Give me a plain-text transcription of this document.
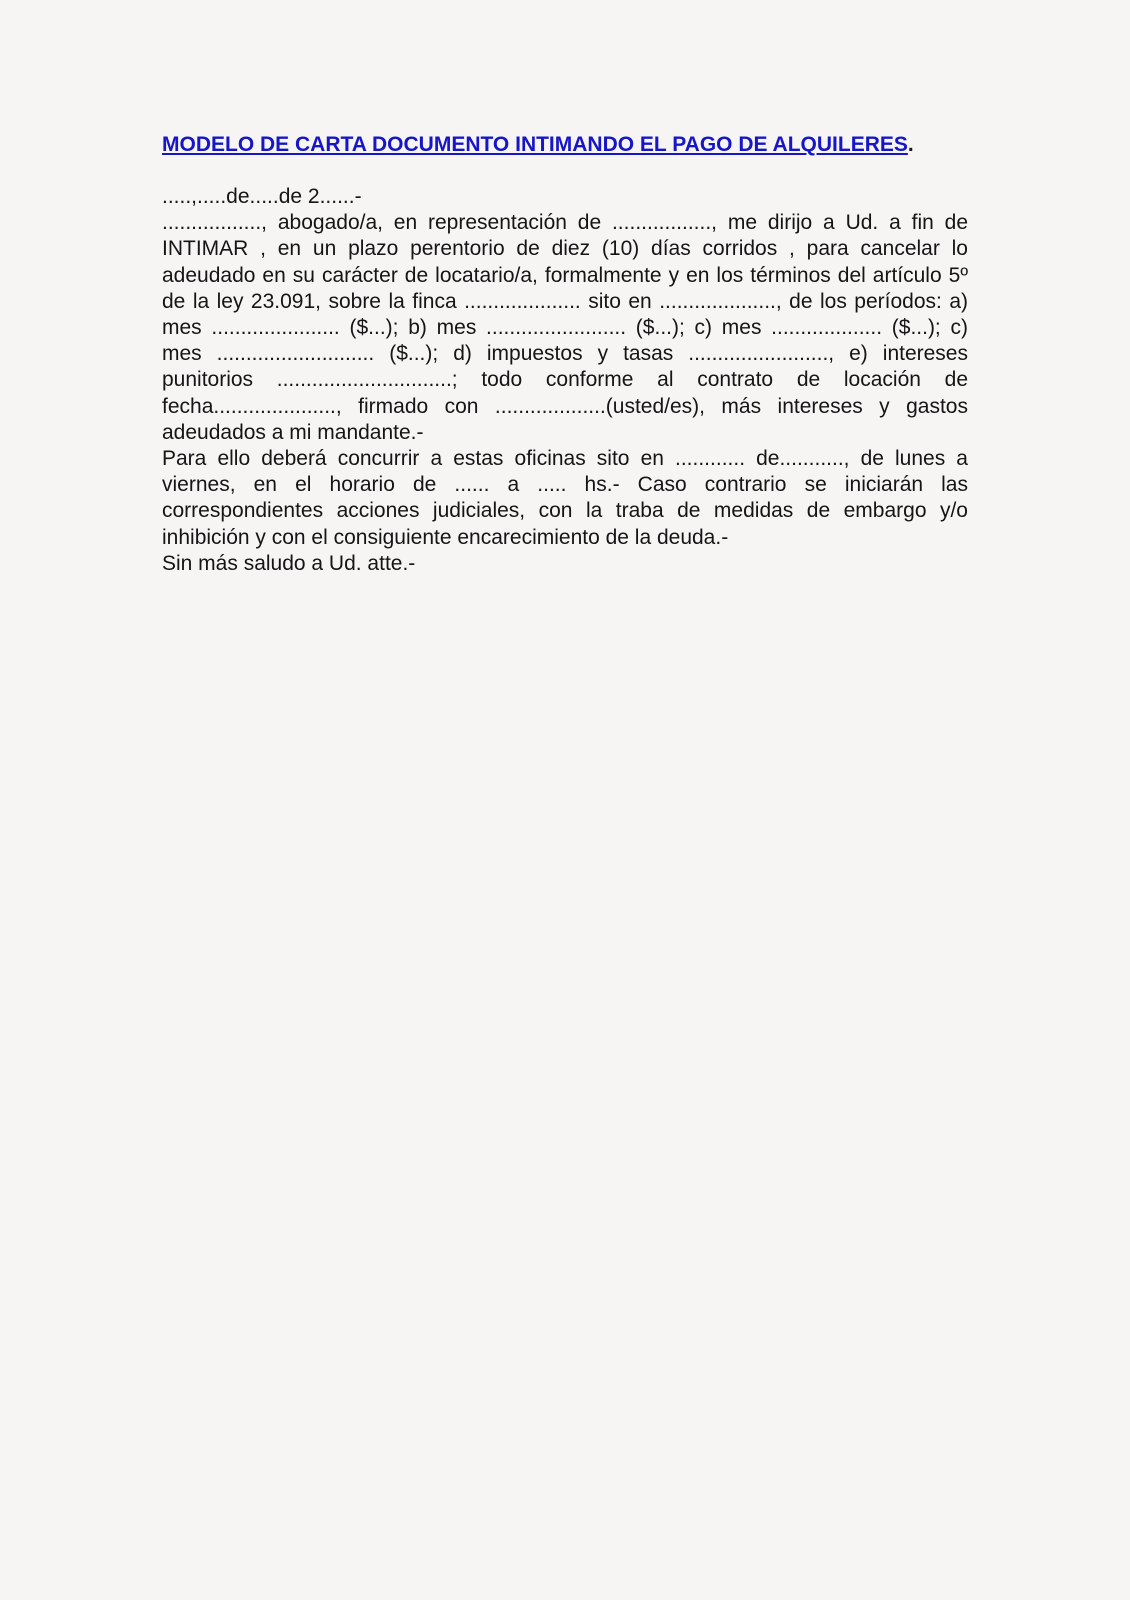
MODELO DE CARTA DOCUMENTO INTIMANDO EL PAGO DE ALQUILERES.

.....,.....de.....de 2......-

................., abogado/a, en representación de ................., me dirijo a Ud. a fin de INTIMAR , en un plazo perentorio de diez (10) días corridos , para cancelar lo adeudado en su carácter de locatario/a, formalmente y en los términos del artículo 5º de la ley 23.091, sobre la finca .................... sito en ...................., de los períodos: a) mes ...................... ($...); b) mes ........................ ($...); c) mes ................... ($...); c) mes ........................... ($...); d) impuestos y tasas ........................, e) intereses punitorios ..............................; todo conforme al contrato de locación de fecha....................., firmado con ...................(usted/es), más intereses y gastos adeudados a mi mandante.-

Para ello deberá concurrir a estas oficinas sito en ............ de..........., de lunes a viernes, en el horario de ...... a ..... hs.- Caso contrario se iniciarán las correspondientes acciones judiciales, con la traba de medidas de embargo y/o inhibición y con el consiguiente encarecimiento de la deuda.-

Sin más saludo a Ud. atte.-
